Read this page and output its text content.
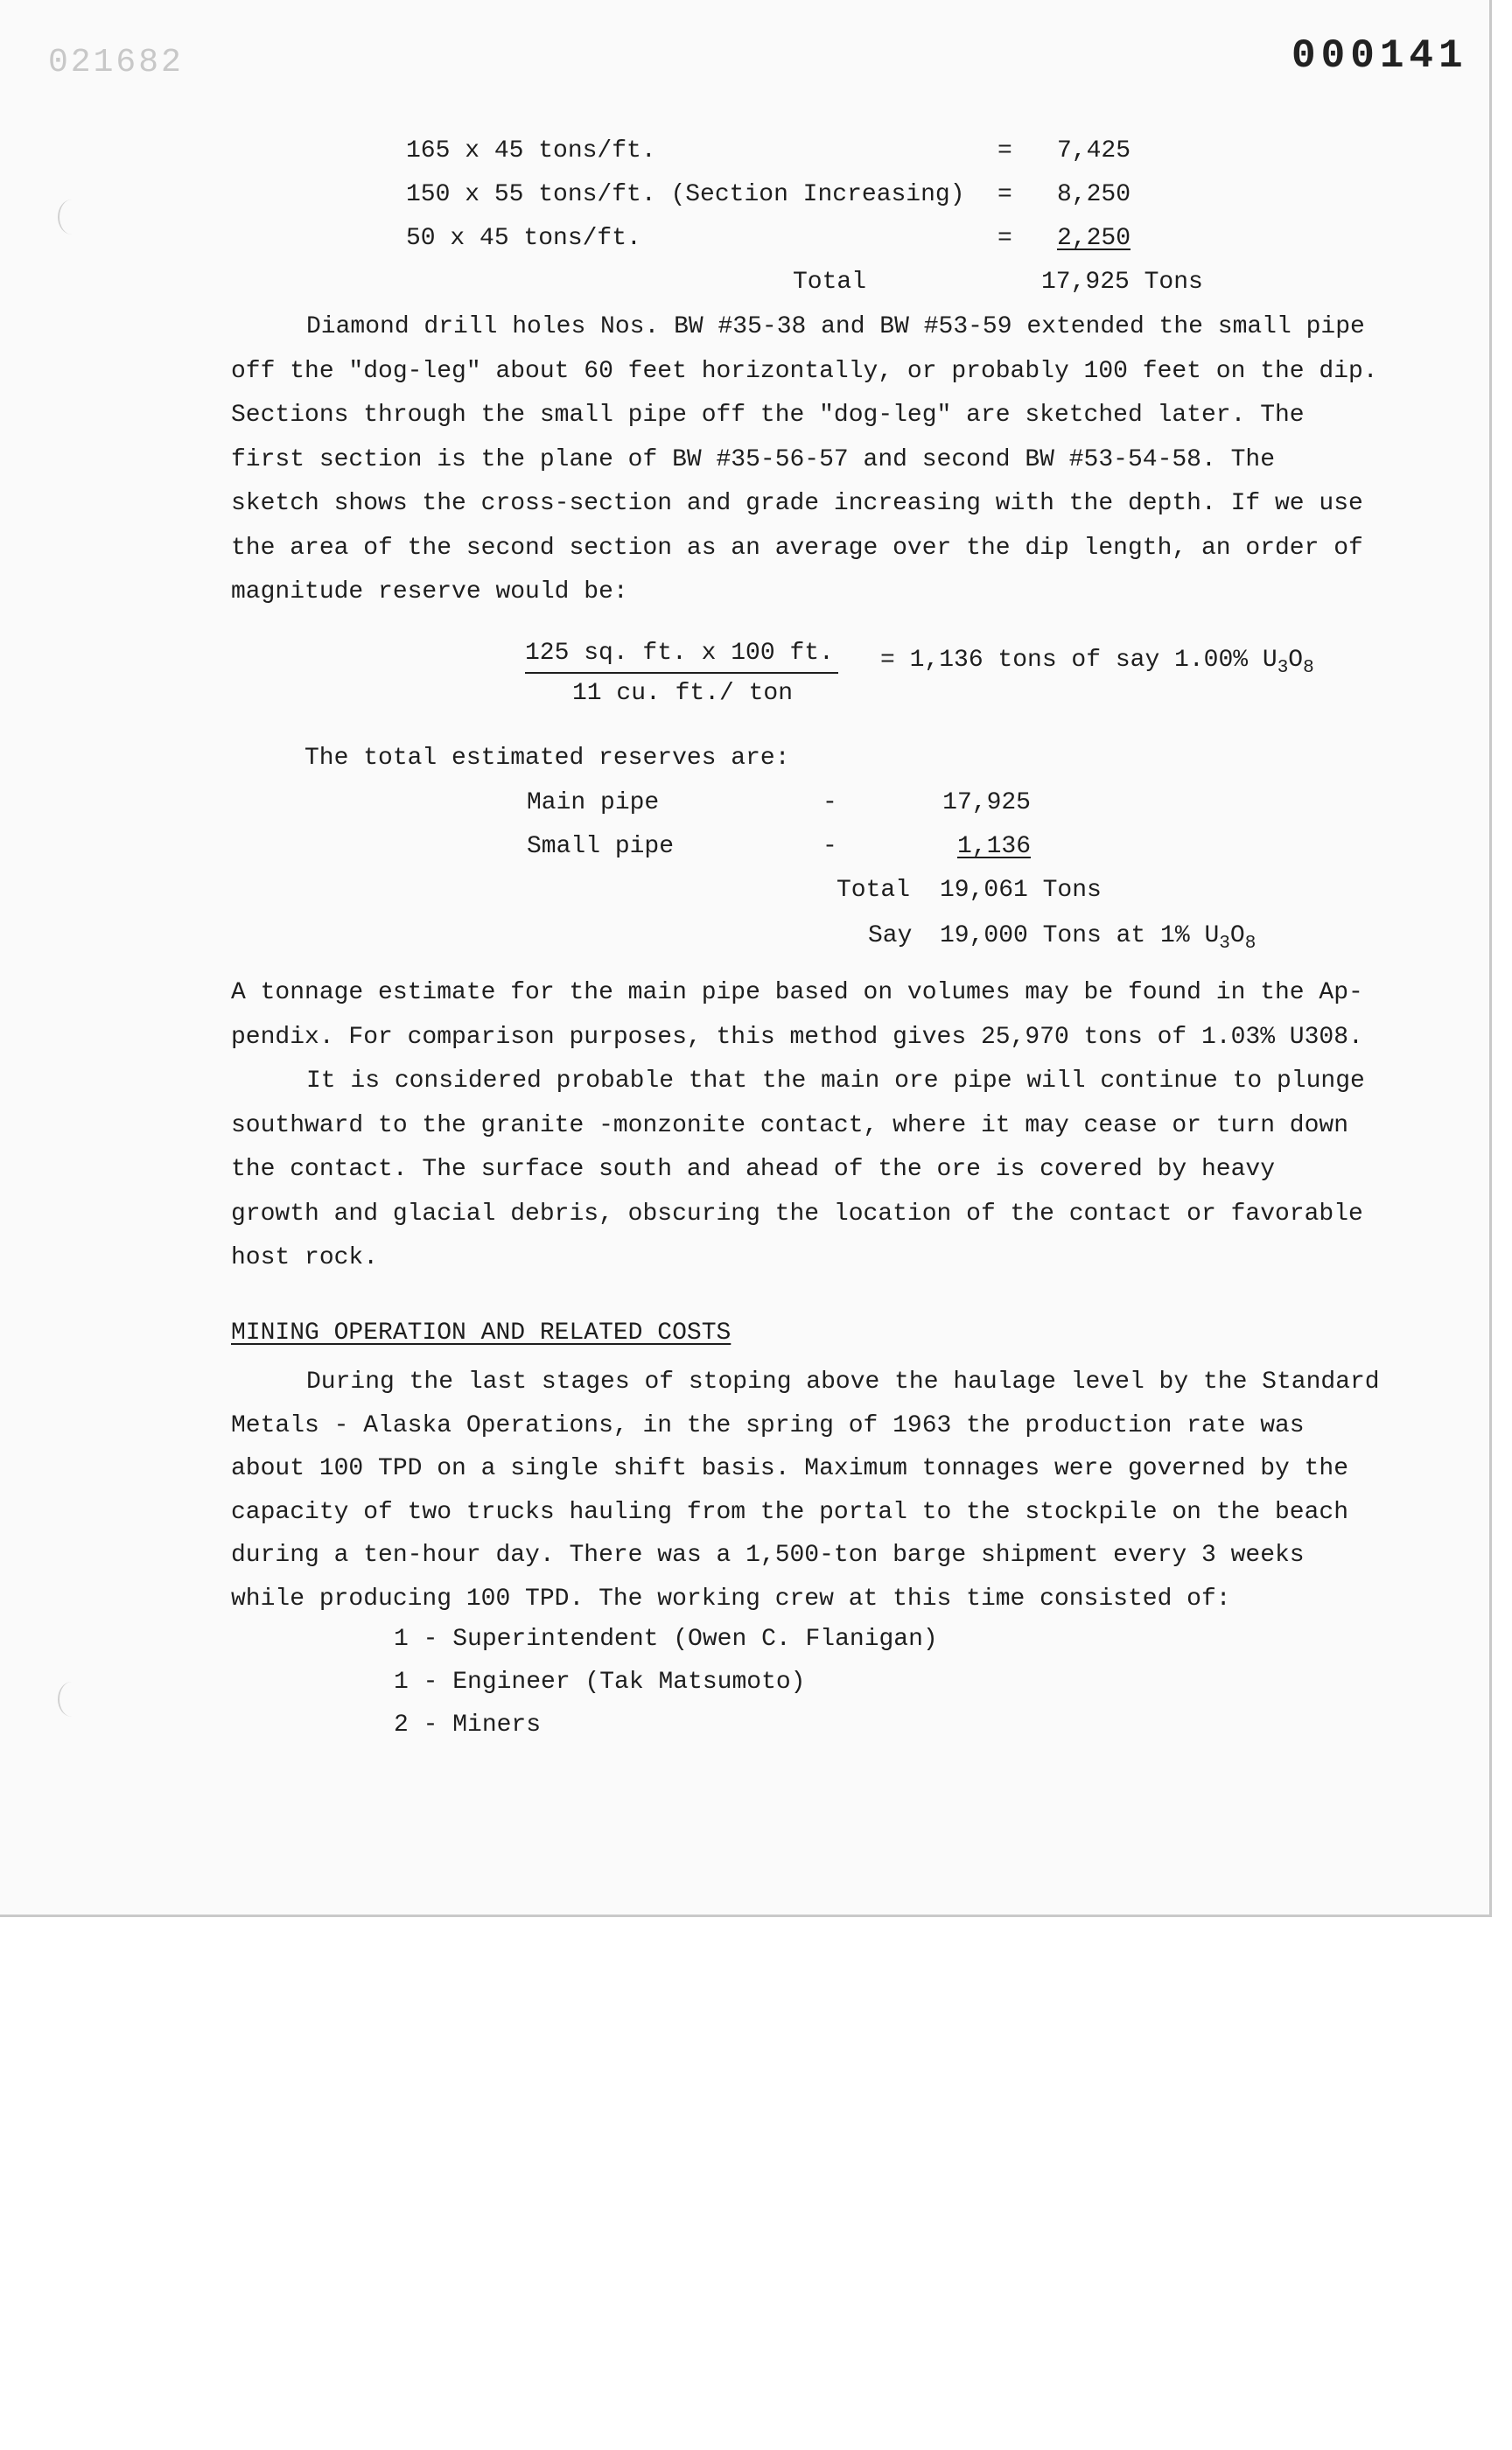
021682	000141
165 x 45 tons/ft.	=	7,425
150 x 55 tons/ft. (Section Increasing) =	8,250
50 x 45 tons/ft.	=	2,250
Total	17,925 Tons
Diamond drill holes Nos. BW #35-38 and BW #53-59 extended the small pipe
off the "dog-leg" about 60 feet horizontally, or probably 100 feet on the dip.
Sections through the small pipe off the "dog-leg" are sketched later. The
first section is the plane of BW #35-56-57 and second BW #53-54-58. The
sketch shows the cross-section and grade increasing with the depth. If we use
the area of the second section as an average over the dip length, an order of
magnitude reserve would be:
125 sq. ft. x 100 ft.
11 cu. ft./ ton
= 1,136 tons of say 1.00% $U_3O_8$
The total estimated reserves are:
Main pipe	-	17,925
Small pipe	-	1,136
Total 19,061 Tons
Say 19,000 Tons at 1% $U_3O_8$
A tonnage estimate for the main pipe based on volumes may be found in the Ap-
pendix. For comparison purposes, this method gives 25,970 tons of 1.03% U308.
It is considered probable that the main ore pipe will continue to plunge
southward to the granite -monzonite contact, where it may cease or turn down
the contact. The surface south and ahead of the ore is covered by heavy
growth and glacial debris, obscuring the location of the contact or favorable
host rock.
MINING OPERATION AND RELATED COSTS
During the last stages of stoping above the haulage level by the Standard
Metals - Alaska Operations, in the spring of 1963 the production rate was
about 100 TPD on a single shift basis. Maximum tonnages were governed by the
capacity of two trucks hauling from the portal to the stockpile on the beach
during a ten-hour day. There was a 1,500-ton barge shipment every 3 weeks
while producing 100 TPD. The working crew at this time consisted of:
1 - Superintendent (Owen C. Flanigan)
1 - Engineer (Tak Matsumoto)
2 - Miners
